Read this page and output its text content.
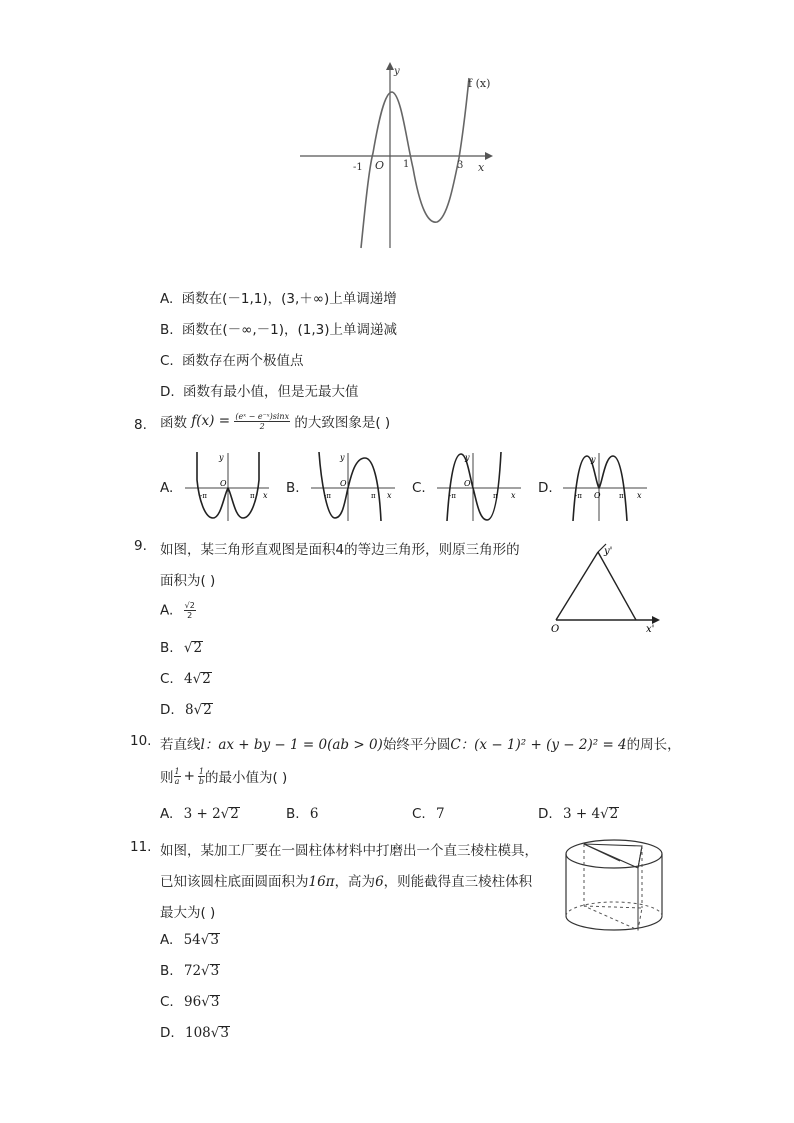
f (x)
y
x
O
-1	1	3
A. 函数在(－1,1)，(3,＋∞)上单调递增
B. 函数在(－∞,－1)，(1,3)上单调递减
C. 函数存在两个极值点
D. 函数有最小值，但是无最大值
8. 函数 $f(x) = \frac{\text{(eˣ − e⁻ˣ)sinx}}{2}$ 的大致图象是( )
A.	B.	C.	D.
y
O
-π	π x
y
O
-π	π x
y
O
-π	π x
y
O
-π	π x
9. 如图，某三角形直观图是面积4的等边三角形，则原三角形的
面积为( )
y'
x'
O
A. $\frac{√2}{2}$
B. √2
C. 4√2
D. 8√2
10. 若直线l：ax + by − 1 = 0(ab > 0)始终平分圆C：(x − 1)² + (y − 2)² = 4的周长，
则 $\frac{1}{a} + \frac{1}{b}$ 的最小值为( )
A. 3 + 2√2	B. 6	C. 7	D. 3 + 4√2
11. 如图，某加工厂要在一圆柱体材料中打磨出一个直三棱柱模具，
已知该圆柱底面圆面积为16π，高为6，则能截得直三棱柱体积
最大为( )
A. 54√3
B. 72√3
C. 96√3
D. 108√3
